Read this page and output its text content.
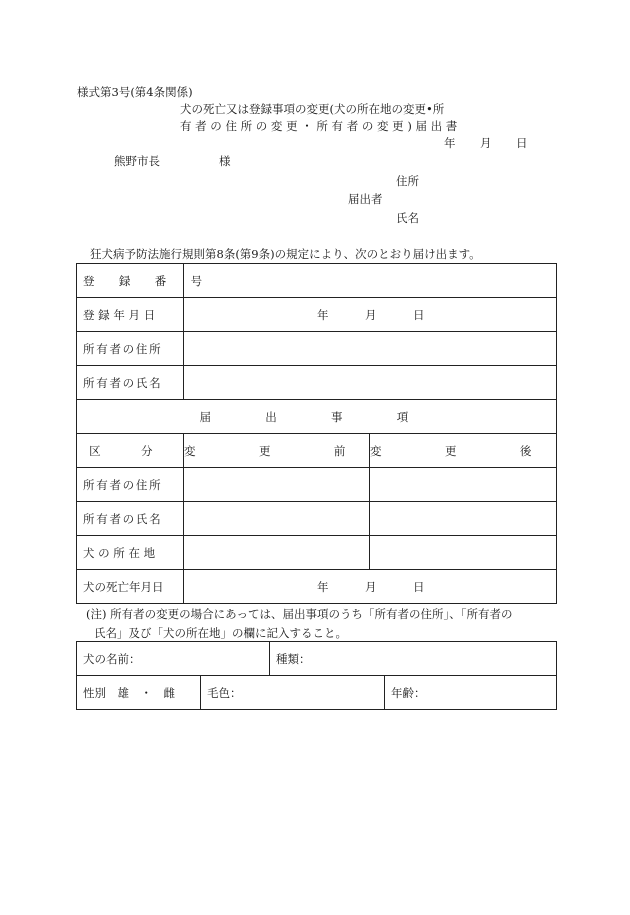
様式第3号(第4条関係)
犬の死亡又は登録事項の変更(犬の所在地の変更•所
有 者 の 住 所 の 変 更 ・ 所 有 者 の 変 更 ) 届 出 書
年 月 日
熊野市長	様
住所
届出者
氏名
狂犬病予防法施行規則第8条(第9条)の規定により、次のとおり届け出ます。
登 録 番 号		
登録年月日	年 月 日	

所有者の住所		
所有者の氏名		
届 出 事 項		
区 分	変 更 前	変 更 後
所有者の住所		
所有者の氏名		
犬 の 所 在 地		
犬の死亡年月日	年 月 日	
(注) 所有者の変更の場合にあっては、届出事項のうち「所有者の住所」、「所有者の
氏名」及び「犬の所在地」の欄に記入すること。
犬の名前：		種類：	
性別　雄　・　雌	毛色：		年齢：
